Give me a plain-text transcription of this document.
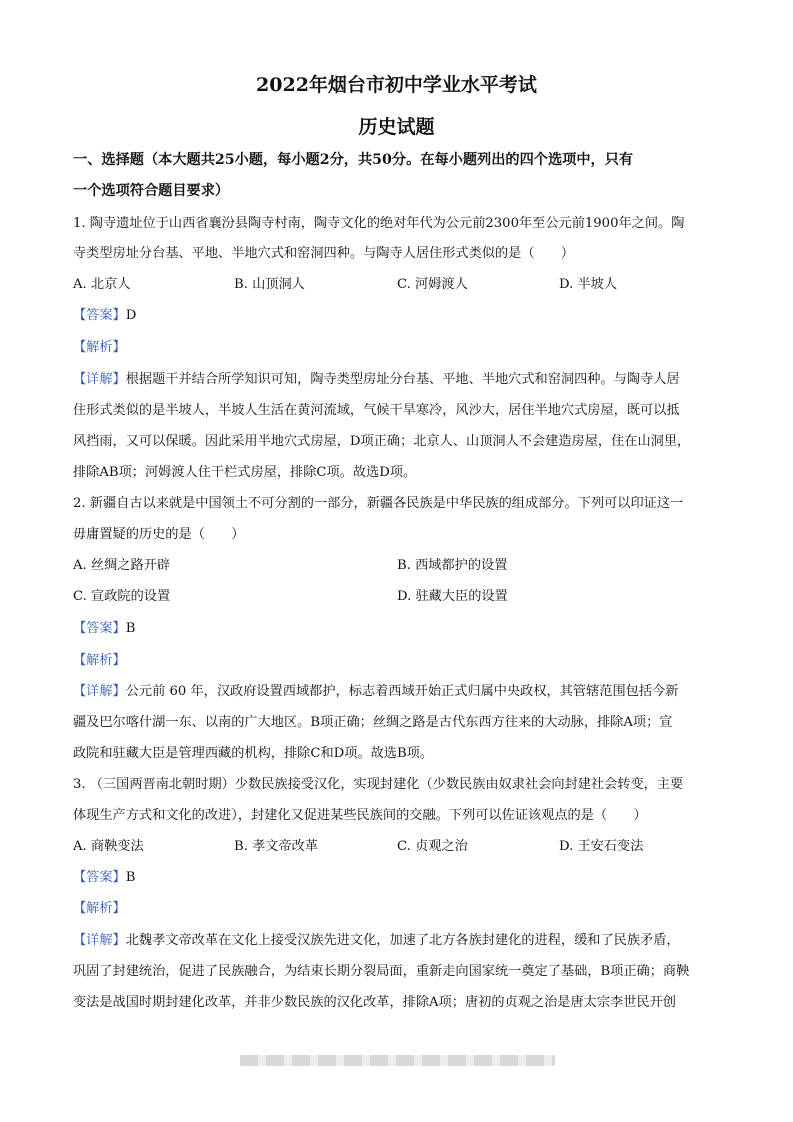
2022年烟台市初中学业水平考试
历史试题
一、选择题（本大题共25小题，每小题2分，共50分。在每小题列出的四个选项中，只有
一个选项符合题目要求）
1. 陶寺遗址位于山西省襄汾县陶寺村南，陶寺文化的绝对年代为公元前2300年至公元前1900年之间。陶
寺类型房址分台基、平地、半地穴式和窑洞四种。与陶寺人居住形式类似的是（　　）
A. 北京人	B. 山顶洞人	C. 河姆渡人	D. 半坡人
【答案】D
【解析】
【详解】根据题干并结合所学知识可知，陶寺类型房址分台基、平地、半地穴式和窑洞四种。与陶寺人居
住形式类似的是半坡人，半坡人生活在黄河流域，气候干旱寒冷，风沙大，居住半地穴式房屋，既可以抵
风挡雨，又可以保暖。因此采用半地穴式房屋，D项正确；北京人、山顶洞人不会建造房屋，住在山洞里，
排除AB项；河姆渡人住干栏式房屋，排除C项。故选D项。
2. 新疆自古以来就是中国领土不可分割的一部分，新疆各民族是中华民族的组成部分。下列可以印证这一
毋庸置疑的历史的是（　　）
A. 丝绸之路开辟	B. 西域都护的设置
C. 宣政院的设置	D. 驻藏大臣的设置
【答案】B
【解析】
【详解】公元前 60 年，汉政府设置西域都护，标志着西域开始正式归属中央政权，其管辖范围包括今新
疆及巴尔喀什湖一东、以南的广大地区。B项正确；丝绸之路是古代东西方往来的大动脉，排除A项；宣
政院和驻藏大臣是管理西藏的机构，排除C和D项。故选B项。
3. （三国两晋南北朝时期）少数民族接受汉化，实现封建化（少数民族由奴隶社会向封建社会转变，主要
体现生产方式和文化的改进），封建化又促进某些民族间的交融。下列可以佐证该观点的是（　　）
A. 商鞅变法	B. 孝文帝改革	C. 贞观之治	D. 王安石变法
【答案】B
【解析】
【详解】北魏孝文帝改革在文化上接受汉族先进文化，加速了北方各族封建化的进程，缓和了民族矛盾，
巩固了封建统治，促进了民族融合，为结束长期分裂局面，重新走向国家统一奠定了基础，B项正确；商鞅
变法是战国时期封建化改革，并非少数民族的汉化改革，排除A项；唐初的贞观之治是唐太宗李世民开创
